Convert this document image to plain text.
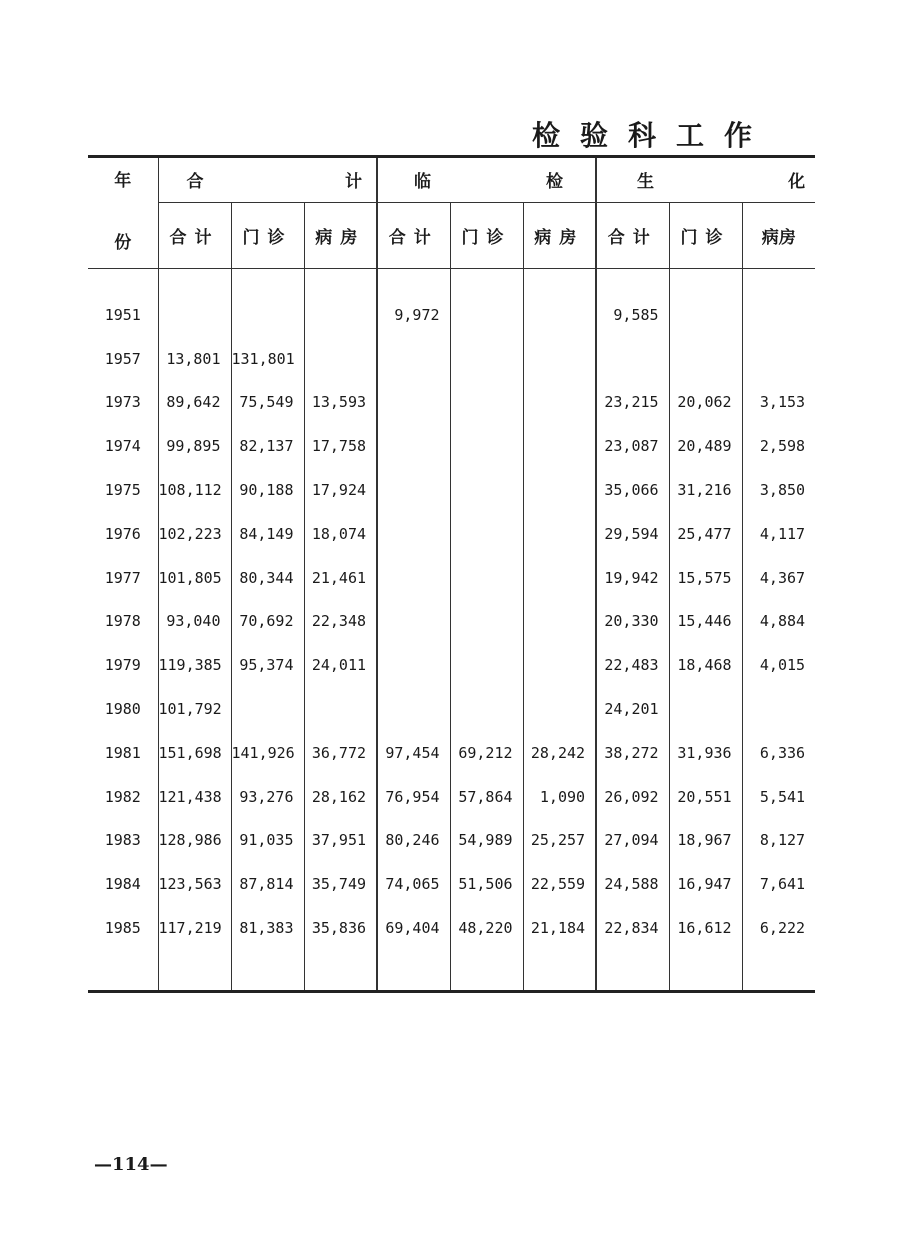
检验科工作
年	合 计			临 检			生 化		

份	合计	门诊	病房	合计	门诊	病房	合计	门诊	病房

1951				9,972			9,585		
1957	13,801	131,801							
1973	89,642	75,549	13,593				23,215	20,062	3,153
1974	99,895	82,137	17,758				23,087	20,489	2,598
1975	108,112	90,188	17,924				35,066	31,216	3,850
1976	102,223	84,149	18,074				29,594	25,477	4,117
1977	101,805	80,344	21,461				19,942	15,575	4,367
1978	93,040	70,692	22,348				20,330	15,446	4,884
1979	119,385	95,374	24,011				22,483	18,468	4,015
1980	101,792						24,201		
1981	151,698	141,926	36,772	97,454	69,212	28,242	38,272	31,936	6,336
1982	121,438	93,276	28,162	76,954	57,864	1,090	26,092	20,551	5,541
1983	128,986	91,035	37,951	80,246	54,989	25,257	27,094	18,967	8,127
1984	123,563	87,814	35,749	74,065	51,506	22,559	24,588	16,947	7,641
1985	117,219	81,383	35,836	69,404	48,220	21,184	22,834	16,612	6,222

—114—
